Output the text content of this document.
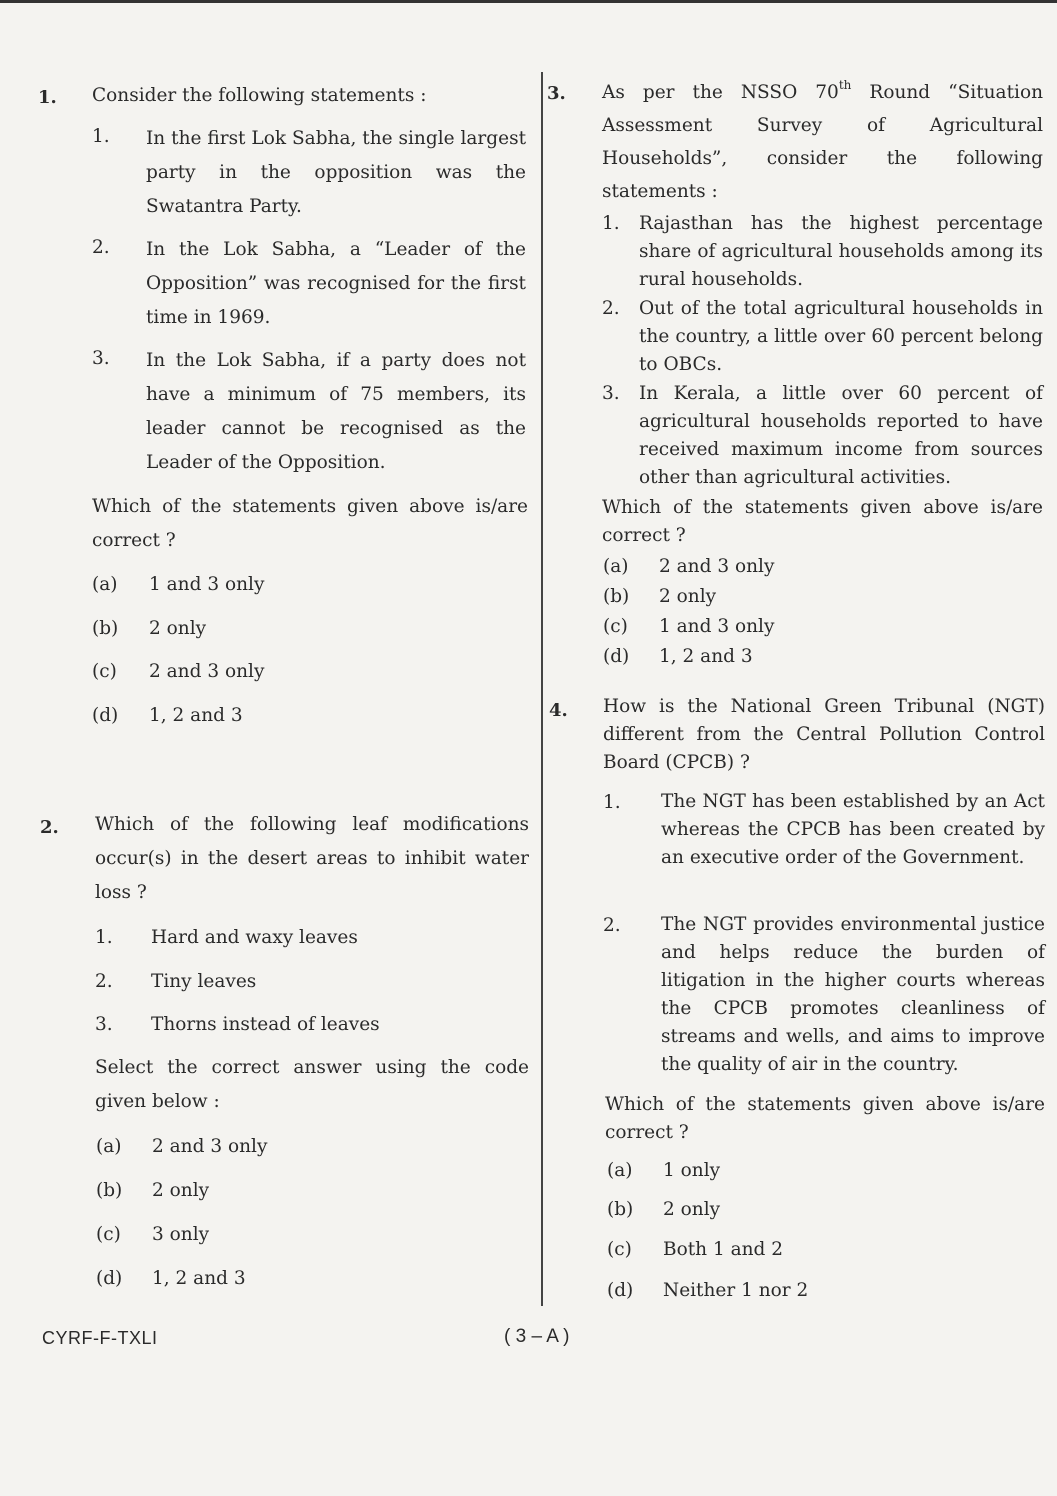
1. Consider the following statements :

1. In the first Lok Sabha, the single largest party in the opposition was the Swatantra Party.

2. In the Lok Sabha, a “Leader of the Opposition” was recognised for the first time in 1969.

3. In the Lok Sabha, if a party does not have a minimum of 75 members, its leader cannot be recognised as the Leader of the Opposition.

Which of the statements given above is/are correct ?

(a) 1 and 3 only
(b) 2 only
(c) 2 and 3 only
(d) 1, 2 and 3
2. Which of the following leaf modifications occur(s) in the desert areas to inhibit water loss ?

1. Hard and waxy leaves
2. Tiny leaves
3. Thorns instead of leaves

Select the correct answer using the code given below :

(a) 2 and 3 only
(b) 2 only
(c) 3 only
(d) 1, 2 and 3
3. As per the NSSO 70th Round “Situation Assessment Survey of Agricultural Households”, consider the following statements :

1. Rajasthan has the highest percentage share of agricultural households among its rural households.

2. Out of the total agricultural households in the country, a little over 60 percent belong to OBCs.

3. In Kerala, a little over 60 percent of agricultural households reported to have received maximum income from sources other than agricultural activities.

Which of the statements given above is/are correct ?

(a) 2 and 3 only
(b) 2 only
(c) 1 and 3 only
(d) 1, 2 and 3
4. How is the National Green Tribunal (NGT) different from the Central Pollution Control Board (CPCB) ?

1. The NGT has been established by an Act whereas the CPCB has been created by an executive order of the Government.

2. The NGT provides environmental justice and helps reduce the burden of litigation in the higher courts whereas the CPCB promotes cleanliness of streams and wells, and aims to improve the quality of air in the country.

Which of the statements given above is/are correct ?

(a) 1 only
(b) 2 only
(c) Both 1 and 2
(d) Neither 1 nor 2
CYRF-F-TXLI	( 3 – A )
